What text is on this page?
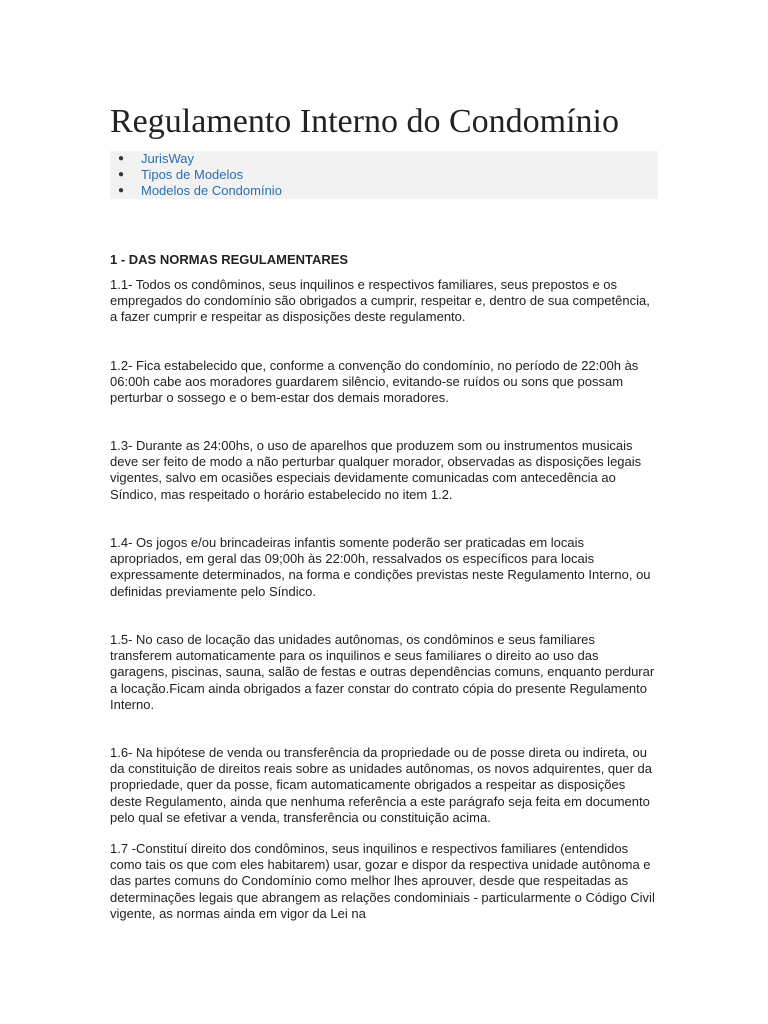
Regulamento Interno do Condomínio
● JurisWay
● Tipos de Modelos
● Modelos de Condomínio
1 - DAS NORMAS REGULAMENTARES

1.1- Todos os condôminos, seus inquilinos e respectivos familiares, seus prepostos e os empregados do condomínio são obrigados a cumprir, respeitar e, dentro de sua competência, a fazer cumprir e respeitar as disposições deste regulamento.

1.2- Fica estabelecido que, conforme a convenção do condomínio, no período de 22:00h às 06:00h cabe aos moradores guardarem silêncio, evitando-se ruídos ou sons que possam perturbar o sossego e o bem-estar dos demais moradores.

1.3- Durante as 24:00hs, o uso de aparelhos que produzem som ou instrumentos musicais deve ser feito de modo a não perturbar qualquer morador, observadas as disposições legais vigentes, salvo em ocasiões especiais devidamente comunicadas com antecedência ao Síndico, mas respeitado o horário estabelecido no item 1.2.

1.4- Os jogos e/ou brincadeiras infantis somente poderão ser praticadas em locais apropriados, em geral das 09;00h às 22:00h, ressalvados os específicos para locais expressamente determinados, na forma e condições previstas neste Regulamento Interno, ou definidas previamente pelo Síndico.

1.5- No caso de locação das unidades autônomas, os condôminos e seus familiares transferem automaticamente para os inquilinos e seus familiares o direito ao uso das garagens, piscinas, sauna, salão de festas e outras dependências comuns, enquanto perdurar a locação.Ficam ainda obrigados a fazer constar do contrato cópia do presente Regulamento Interno.

1.6- Na hipótese de venda ou transferência da propriedade ou de posse direta ou indireta, ou da constituição de direitos reais sobre as unidades autônomas, os novos adquirentes, quer da propriedade, quer da posse, ficam automaticamente obrigados a respeitar as disposições deste Regulamento, ainda que nenhuma referência a este parágrafo seja feita em documento pelo qual se efetivar a venda, transferência ou constituição acima.

1.7 -Constituí direito dos condôminos, seus inquilinos e respectivos familiares (entendidos como tais os que com eles habitarem) usar, gozar e dispor da respectiva unidade autônoma e das partes comuns do Condomínio como melhor lhes aprouver, desde que respeitadas as determinações legais que abrangem as relações condominiais - particularmente o Código Civil vigente, as normas ainda em vigor da Lei na
